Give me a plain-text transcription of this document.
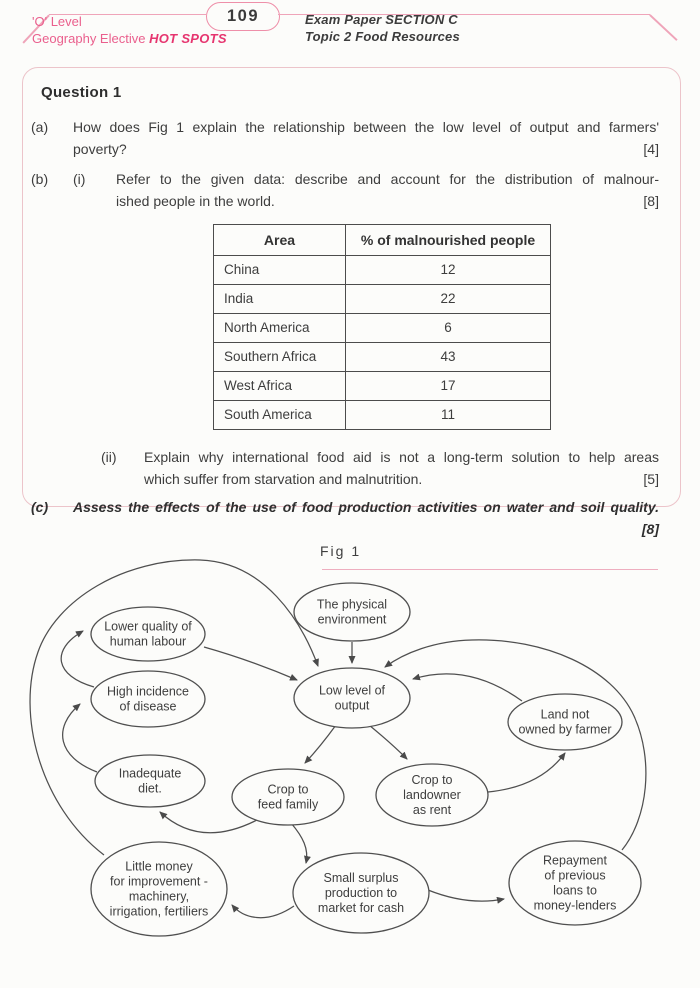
109
'O' Level
Geography Elective HOT SPOTS
Exam Paper SECTION C
Topic 2 Food Resources
Question 1
(a)	How does Fig 1 explain the relationship between the low level of output and farmers'
poverty?	[4]
(b)	(i)	Refer to the given data: describe and account for the distribution of malnour-
ished people in the world.	[8]
Area	% of malnourished people
China	12
India	22
North America	6
Southern Africa	43
West Africa	17
South America	11
(ii)	Explain why international food aid is not a long-term solution to help areas
which suffer from starvation and malnutrition.	[5]
(c)	Assess the effects of the use of food production activities on water and soil quality.
[8]
Fig 1
The physical environment
Low level of output
Lower quality of human labour
High incidence of disease
Inadequate diet.	Crop to feed family
Crop to landowner as rent
Land not owned by farmer
Little money for improvement -machinery, irrigation, fertiliers
Small surplus production to market for cash
Repayment of previous loans to money-lenders
